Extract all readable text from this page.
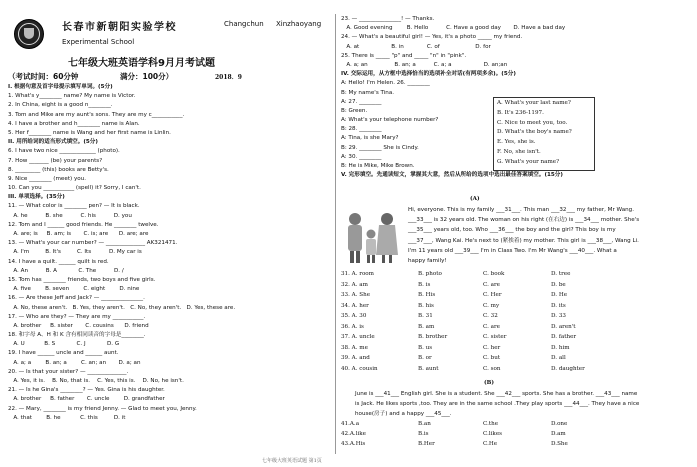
长春市新朝阳实验学校	Changchun Xinzhaoyang
Experimental School
七年级大班英语学科9月月考试题
（考试时间：60分钟	满分：100分）	2018．9
I. 根据句意及首字母提示填写单词。(5分)
1. What's y________ name? My name is Victor.
2. In China, eight is a good n________.
3. Tom and Mike are my aunt's sons. They are my c___________.
4. I have a brother and h________ name is Alan.
5. Her f________ name is Wang and her first name is Linlin.
II. 用所给词的适当形式填空。(5分)
6. I have two nice _____________ (photo).
7. How _______ (be) your parents?
8. _________ (this) books are Betty's.
9. Nice ________ (meet) you.
10. Can you ___________ (spell) it? Sorry, I can't.
III. 单项选择。(35分)
11. — What color is ________ pen? — It is black.
A. he          B. she          C. his          D. you
12. Tom and I ______ good friends. He ________ twelve.
A. are; is     B. am; is       C. is; are      D. are; are
13. — What's your car number? — ______________ AK321471.
A. I'm         B. It's         C. Its          D. My car is
14. I have a quilt. ______ quilt is red.
A. An          B. A            C. The          D. /
15. Tom has ________ friends, two boys and five girls.
A. five        B. seven        C. eight        D. nine
16. — Are these Jeff and Jack? — _______________.
A. No, these aren't.   B. Yes, they aren't.   C. No, they aren't.   D. Yes, these are.
17. — Who are they? — They are my ___________.
A. brother     B. sister       C. cousins      D. friend
18. 和字母 A、H 和 K 含有相同读音的字母是________.
A. U           B. S            C. J            D. G
19. I have ______ uncle and ______ aunt.
A. a; a        B. an; a        C. an; an       D. a; an
20. — Is that your sister? — ______________.
A. Yes, it is.    B. No, that is.    C. Yes, this is.    D. No, he isn't.
21. — Is he Gina's ________? — Yes. Gina is his daughter.
A. brother     B. father       C. uncle        D. grandfather
22. — Mary, ________ is my friend Jenny. — Glad to meet you, Jenny.
A. that        B. he           C. this         D. it
23. — _______________! — Thanks.
A. Good evening        B. Hello          C. Have a good day       D. Have a bad day
24. — What's a beautiful girl! — Yes, it's a photo _____ my friend.
A. at                  B. in             C. of                    D. for
25. There is _____ "p" and _____ "n" in "pink".
A. a; an               B. an; a          C. a; a                  D. an;an
IV. 交际运用，从方框中选择恰当的选项补全对话(有两项多余)。(5分)
A: Hello! I'm Helen. 26. ________
B: My name's Tina.
A: 27. ________
B: Green.
A: What's your telephone number?
B: 28. ________
A: Tina, is she Mary?
B: 29. ________ She is Cindy.
A: 30. ________
B: He is Mike, Mike Brown.
V. 完形填空。先通读短文，掌握其大意，然后从所给的选项中选出最佳答案填空。(15分)
A. What's your last name?
B. It's 236-1197.
C. Nice to meet you, too.
D. What's the boy's name?
E. Yes, she is.
F. No, she isn't.
G. What's your name?
(A)
Hi, everyone. This is my family ___31___. This man ___32___ my father, Mr Wang.
___33___ is 32 years old. The woman on his right (在右边) is ___34___ mother. She's
___35___ years old, too. Who ___36___ the boy and the girl? This boy is my
___37___, Wang Kai. He's next to (紧挨着) my mother. This girl is ___38___, Wang Li.
I'm 11 years old ___39___ I'm in Class Two. I'm Mr Wang's ___40___. What a
happy family!
31. A. room	B. photo	C. book	D. tree
32. A. am	B. is	C. are	D. be
33. A. She	B. His	C. Her	D. He
34. A. her	B. his	C. my	D. its
35. A. 30	B. 31	C. 32	D. 33
36. A. is	B. am	C. are	D. aren't
37. A. uncle	B. brother	C. sister	D. father
38. A. me	B. us	C. her	D. him
39. A. and	B. or	C. but	D. all
40. A. cousin	B. aunt	C. son	D. daughter
(B)
June is ___41___ English girl. She is a student. She ___42___ sports. She has a brother. ___43___ name
is Jack. He likes sports ,too. They are in the same school .They play sports ___44___. They have a nice
house(房子) and a happy ___45___.
41.A.a	B.an	C.the	D.one
42.A.like	B.is	C.likes	D.am
43.A.His	B.Her	C.He	D.She
七年级大班英语试题 第1页
